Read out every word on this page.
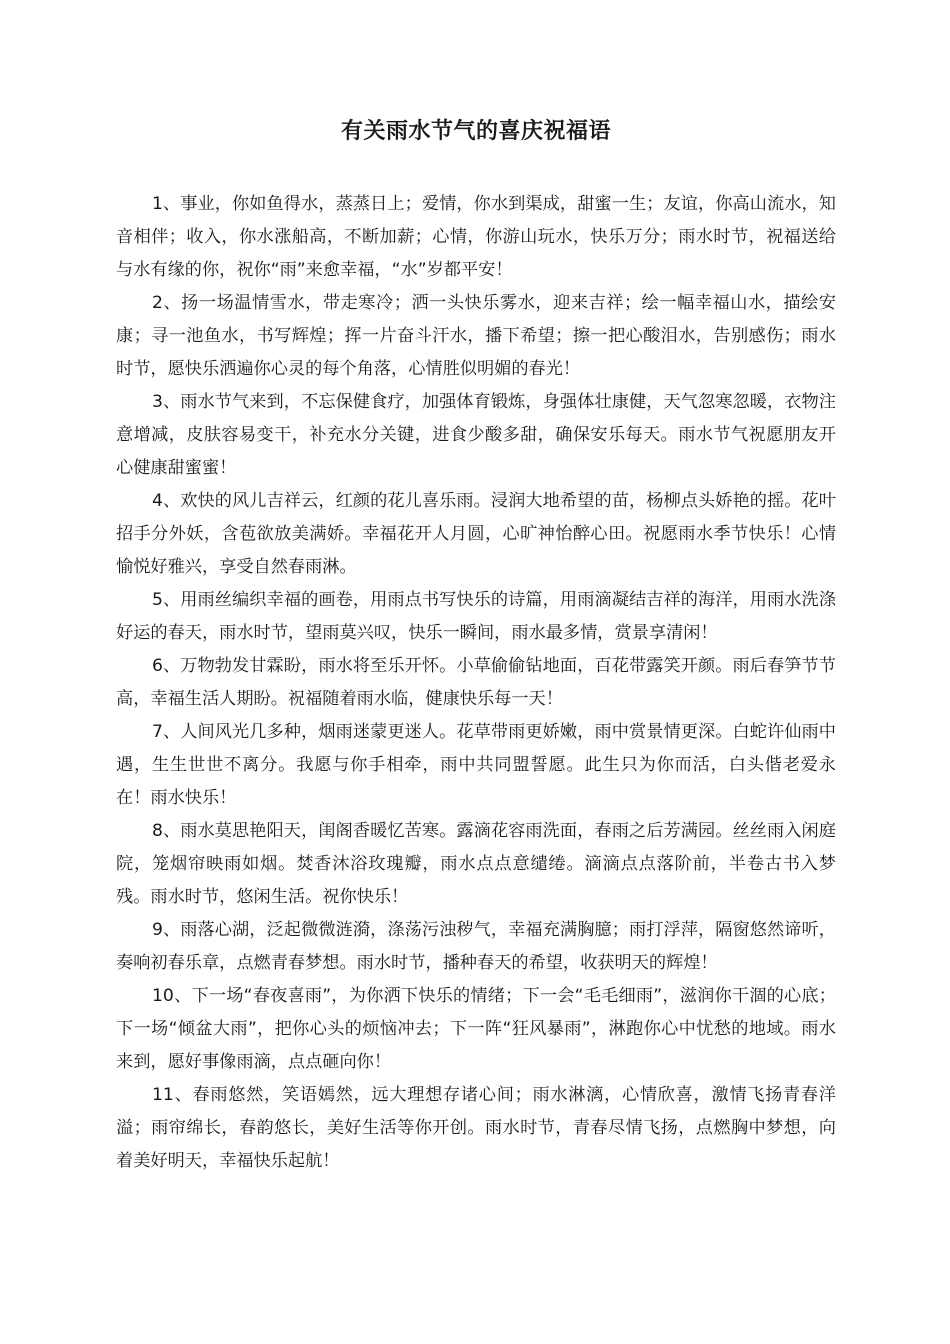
有关雨水节气的喜庆祝福语

1、事业，你如鱼得水，蒸蒸日上；爱情，你水到渠成，甜蜜一生；友谊，你高山流水，知音相伴；收入，你水涨船高，不断加薪；心情，你游山玩水，快乐万分；雨水时节，祝福送给与水有缘的你，祝你“雨”来愈幸福，“水”岁都平安！

2、扬一场温情雪水，带走寒冷；洒一头快乐雾水，迎来吉祥；绘一幅幸福山水，描绘安康；寻一池鱼水，书写辉煌；挥一片奋斗汗水，播下希望；擦一把心酸泪水，告别感伤；雨水时节，愿快乐洒遍你心灵的每个角落，心情胜似明媚的春光！

3、雨水节气来到，不忘保健食疗，加强体育锻炼，身强体壮康健，天气忽寒忽暖，衣物注意增减，皮肤容易变干，补充水分关键，进食少酸多甜，确保安乐每天。雨水节气祝愿朋友开心健康甜蜜蜜！

4、欢快的风儿吉祥云，红颜的花儿喜乐雨。浸润大地希望的苗，杨柳点头娇艳的摇。花叶招手分外妖，含苞欲放美满娇。幸福花开人月圆，心旷神怡醉心田。祝愿雨水季节快乐！心情愉悦好雅兴，享受自然春雨淋。

5、用雨丝编织幸福的画卷，用雨点书写快乐的诗篇，用雨滴凝结吉祥的海洋，用雨水洗涤好运的春天，雨水时节，望雨莫兴叹，快乐一瞬间，雨水最多情，赏景享清闲！

6、万物勃发甘霖盼，雨水将至乐开怀。小草偷偷钻地面，百花带露笑开颜。雨后春笋节节高，幸福生活人期盼。祝福随着雨水临，健康快乐每一天！

7、人间风光几多种，烟雨迷蒙更迷人。花草带雨更娇嫩，雨中赏景情更深。白蛇许仙雨中遇，生生世世不离分。我愿与你手相牵，雨中共同盟誓愿。此生只为你而活，白头偕老爱永在！雨水快乐！

8、雨水莫思艳阳天，闺阁香暖忆苦寒。露滴花容雨洗面，春雨之后芳满园。丝丝雨入闲庭院，笼烟帘映雨如烟。焚香沐浴玫瑰瓣，雨水点点意缱绻。滴滴点点落阶前，半卷古书入梦残。雨水时节，悠闲生活。祝你快乐！

9、雨落心湖，泛起微微涟漪，涤荡污浊秽气，幸福充满胸臆；雨打浮萍，隔窗悠然谛听，奏响初春乐章，点燃青春梦想。雨水时节，播种春天的希望，收获明天的辉煌！

10、下一场“春夜喜雨”，为你洒下快乐的情绪；下一会“毛毛细雨”，滋润你干涸的心底；下一场“倾盆大雨”，把你心头的烦恼冲去；下一阵“狂风暴雨”，淋跑你心中忧愁的地域。雨水来到，愿好事像雨滴，点点砸向你！

11、春雨悠然，笑语嫣然，远大理想存诸心间；雨水淋漓，心情欣喜，激情飞扬青春洋溢；雨帘绵长，春韵悠长，美好生活等你开创。雨水时节，青春尽情飞扬，点燃胸中梦想，向着美好明天，幸福快乐起航！
